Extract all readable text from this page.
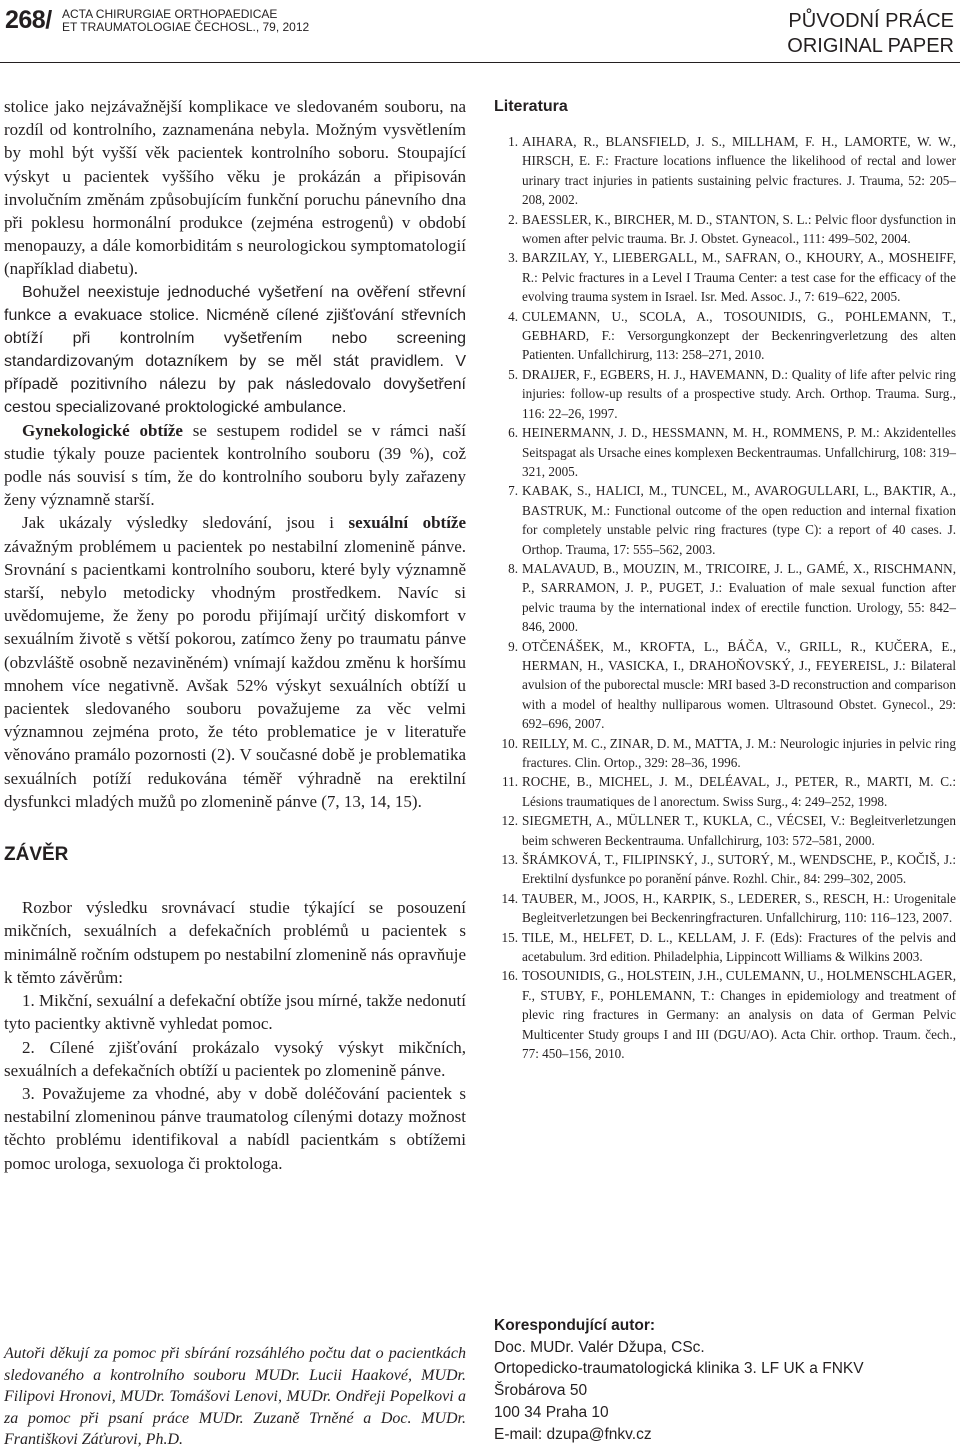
268/ ACTA CHIRURGIAE ORTHOPAEDICAE
ET TRAUMATOLOGIAE ČECHOSL., 79, 2012	PŮVODNÍ PRÁCE
ORIGINAL PAPER

stolice jako nejzávažnější komplikace ve sledovaném souboru, na rozdíl od kontrolního, zaznamenána nebyla. Možným vysvětlením by mohl být vyšší věk pacientek kontrolního soboru. Stoupající výskyt u pacientek vyššího věku je prokázán a připisován involučním změnám způsobujícím funkční poruchu pánevního dna při poklesu hormonální produkce (zejména estrogenů) v období menopauzy, a dále komorbiditám s neurologickou symptomatologií (například diabetu).

Bohužel neexistuje jednoduché vyšetření na ověření střevní funkce a evakuace stolice. Nicméně cílené zjišťování střevních obtíží při kontrolním vyšetřením nebo screening standardizovaným dotazníkem by se měl stát pravidlem. V případě pozitivního nálezu by pak následovalo dovyšetření cestou specializované proktologické ambulance.

Gynekologické obtíže se sestupem rodidel se v rámci naší studie týkaly pouze pacientek kontrolního souboru (39 %), což podle nás souvisí s tím, že do kontrolního souboru byly zařazeny ženy významně starší.

Jak ukázaly výsledky sledování, jsou i sexuální obtíže závažným problémem u pacientek po nestabilní zlomenině pánve. Srovnání s pacientkami kontrolního souboru, které byly významně starší, nebylo metodicky vhodným prostředkem. Navíc si uvědomujeme, že ženy po porodu přijímají určitý diskomfort v sexuálním životě s větší pokorou, zatímco ženy po traumatu pánve (obzvláště osobně nezaviněném) vnímají každou změnu k horšímu mnohem více negativně. Avšak 52% výskyt sexuálních obtíží u pacientek sledovaného souboru považujeme za věc velmi významnou zejména proto, že této problematice je v literatuře věnováno pramálo pozornosti (2). V současné době je problematika sexuálních potíží redukována téměř výhradně na erektilní dysfunkci mladých mužů po zlomenině pánve (7, 13, 14, 15).

ZÁVĚR

Rozbor výsledku srovnávací studie týkající se posouzení mikčních, sexuálních a defekačních problémů u pacientek s minimálně ročním odstupem po nestabilní zlomenině nás opravňuje k těmto závěrům:

1. Mikční, sexuální a defekační obtíže jsou mírné, takže nedonutí tyto pacientky aktivně vyhledat pomoc.

2. Cílené zjišťování prokázalo vysoký výskyt mikčních, sexuálních a defekačních obtíží u pacientek po zlomenině pánve.

3. Považujeme za vhodné, aby v době doléčování pacientek s nestabilní zlomeninou pánve traumatolog cílenými dotazy možnost těchto problému identifikoval a nabídl pacientkám s obtížemi pomoc urologa, sexuologa či proktologa.

Autoři děkují za pomoc při sbírání rozsáhlého počtu dat o pacientkách sledovaného a kontrolního souboru MUDr. Lucii Haakové, MUDr. Filipovi Hronovi, MUDr. Tomášovi Lenovi, MUDr. Ondřeji Popelkovi a za pomoc při psaní práce MUDr. Zuzaně Trněné a Doc. MUDr. Františkovi Záťurovi, Ph.D.
Literatura
1. AIHARA, R., BLANSFIELD, J. S., MILLHAM, F. H., LAMORTE, W. W., HIRSCH, E. F.: Fracture locations influence the likelihood of rectal and lower urinary tract injuries in patients sustaining pelvic fractures. J. Trauma, 52: 205–208, 2002.
2. BAESSLER, K., BIRCHER, M. D., STANTON, S. L.: Pelvic floor dysfunction in women after pelvic trauma. Br. J. Obstet. Gyneacol., 111: 499–502, 2004.
3. BARZILAY, Y., LIEBERGALL, M., SAFRAN, O., KHOURY, A., MOSHEIFF, R.: Pelvic fractures in a Level I Trauma Center: a test case for the efficacy of the evolving trauma system in Israel. Isr. Med. Assoc. J., 7: 619–622, 2005.
4. CULEMANN, U., SCOLA, A., TOSOUNIDIS, G., POHLEMANN, T., GEBHARD, F.: Versorgungkonzept der Beckenringverletzung des alten Patienten. Unfallchirurg, 113: 258–271, 2010.
5. DRAIJER, F., EGBERS, H. J., HAVEMANN, D.: Quality of life after pelvic ring injuries: follow-up results of a prospective study. Arch. Orthop. Trauma. Surg., 116: 22–26, 1997.
6. HEINERMANN, J. D., HESSMANN, M. H., ROMMENS, P. M.: Akzidentelles Seitspagat als Ursache eines komplexen Beckentraumas. Unfallchirurg, 108: 319–321, 2005.
7. KABAK, S., HALICI, M., TUNCEL, M., AVAROGULLARI, L., BAKTIR, A., BASTRUK, M.: Functional outcome of the open reduction and internal fixation for completely unstable pelvic ring fractures (type C): a report of 40 cases. J. Orthop. Trauma, 17: 555–562, 2003.
8. MALAVAUD, B., MOUZIN, M., TRICOIRE, J. L., GAMÉ, X., RISCHMANN, P., SARRAMON, J. P., PUGET, J.: Evaluation of male sexual function after pelvic trauma by the international index of erectile function. Urology, 55: 842–846, 2000.
9. OTČENÁŠEK, M., KROFTA, L., BÁČA, V., GRILL, R., KUČERA, E., HERMAN, H., VASICKA, I., DRAHOŇOVSKÝ, J., FEYEREISL, J.: Bilateral avulsion of the puborectal muscle: MRI based 3-D reconstruction and comparison with a model of healthy nulliparous women. Ultrasound Obstet. Gynecol., 29: 692–696, 2007.
10. REILLY, M. C., ZINAR, D. M., MATTA, J. M.: Neurologic injuries in pelvic ring fractures. Clin. Ortop., 329: 28–36, 1996.
11. ROCHE, B., MICHEL, J. M., DELÉAVAL, J., PETER, R., MARTI, M. C.: Lésions traumatiques de l anorectum. Swiss Surg., 4: 249–252, 1998.
12. SIEGMETH, A., MÜLLNER T., KUKLA, C., VÉCSEI, V.: Begleitverletzungen beim schweren Beckentrauma. Unfallchirurg, 103: 572–581, 2000.
13. ŠRÁMKOVÁ, T., FILIPINSKÝ, J., SUTORÝ, M., WENDSCHE, P., KOČIŠ, J.: Erektilní dysfunkce po poranění pánve. Rozhl. Chir., 84: 299–302, 2005.
14. TAUBER, M., JOOS, H., KARPIK, S., LEDERER, S., RESCH, H.: Urogenitale Begleitverletzungen bei Beckenringfracturen. Unfallchirurg, 110: 116–123, 2007.
15. TILE, M., HELFET, D. L., KELLAM, J. F. (Eds): Fractures of the pelvis and acetabulum. 3rd edition. Philadelphia, Lippincott Williams & Wilkins 2003.
16. TOSOUNIDIS, G., HOLSTEIN, J.H., CULEMANN, U., HOLMENSCHLAGER, F., STUBY, F., POHLEMANN, T.: Changes in epidemiology and treatment of plevic ring fractures in Germany: an analysis on data of German Pelvic Multicenter Study groups I and III (DGU/AO). Acta Chir. orthop. Traum. čech., 77: 450–156, 2010.
Korespondující autor:
Doc. MUDr. Valér Džupa, CSc.
Ortopedicko-traumatologická klinika 3. LF UK a FNKV
Šrobárova 50
100 34 Praha 10
E-mail: dzupa@fnkv.cz
